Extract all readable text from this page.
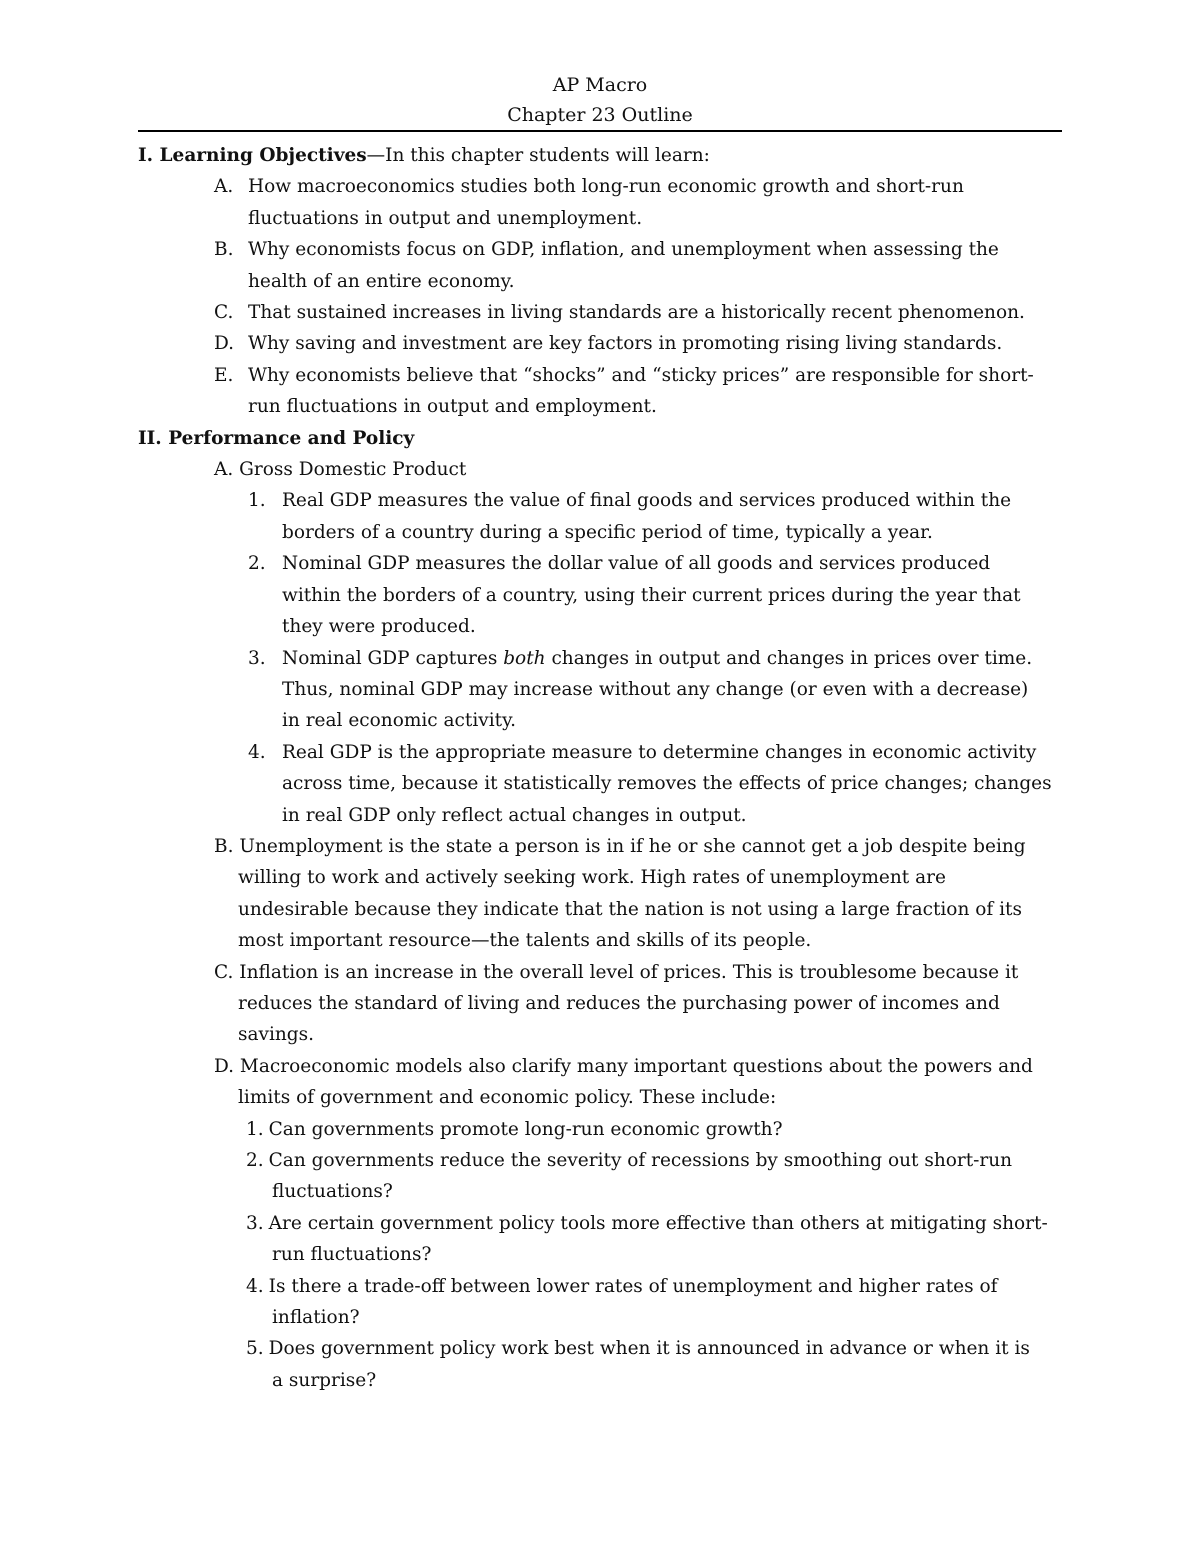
AP Macro
Chapter 23 Outline
I. Learning Objectives—In this chapter students will learn:
A. How macroeconomics studies both long-run economic growth and short-run
fluctuations in output and unemployment.
B. Why economists focus on GDP, inflation, and unemployment when assessing the
health of an entire economy.
C. That sustained increases in living standards are a historically recent phenomenon.
D. Why saving and investment are key factors in promoting rising living standards.
E. Why economists believe that “shocks” and “sticky prices” are responsible for short-
run fluctuations in output and employment.
II. Performance and Policy
A. Gross Domestic Product
1. Real GDP measures the value of final goods and services produced within the
borders of a country during a specific period of time, typically a year.
2. Nominal GDP measures the dollar value of all goods and services produced
within the borders of a country, using their current prices during the year that
they were produced.
3. Nominal GDP captures both changes in output and changes in prices over time.
Thus, nominal GDP may increase without any change (or even with a decrease)
in real economic activity.
4. Real GDP is the appropriate measure to determine changes in economic activity
across time, because it statistically removes the effects of price changes; changes
in real GDP only reflect actual changes in output.
B. Unemployment is the state a person is in if he or she cannot get a job despite being
willing to work and actively seeking work. High rates of unemployment are
undesirable because they indicate that the nation is not using a large fraction of its
most important resource—the talents and skills of its people.
C. Inflation is an increase in the overall level of prices. This is troublesome because it
reduces the standard of living and reduces the purchasing power of incomes and
savings.
D. Macroeconomic models also clarify many important questions about the powers and
limits of government and economic policy. These include:
1. Can governments promote long-run economic growth?
2. Can governments reduce the severity of recessions by smoothing out short-run
fluctuations?
3. Are certain government policy tools more effective than others at mitigating short-
run fluctuations?
4. Is there a trade-off between lower rates of unemployment and higher rates of
inflation?
5. Does government policy work best when it is announced in advance or when it is
a surprise?
